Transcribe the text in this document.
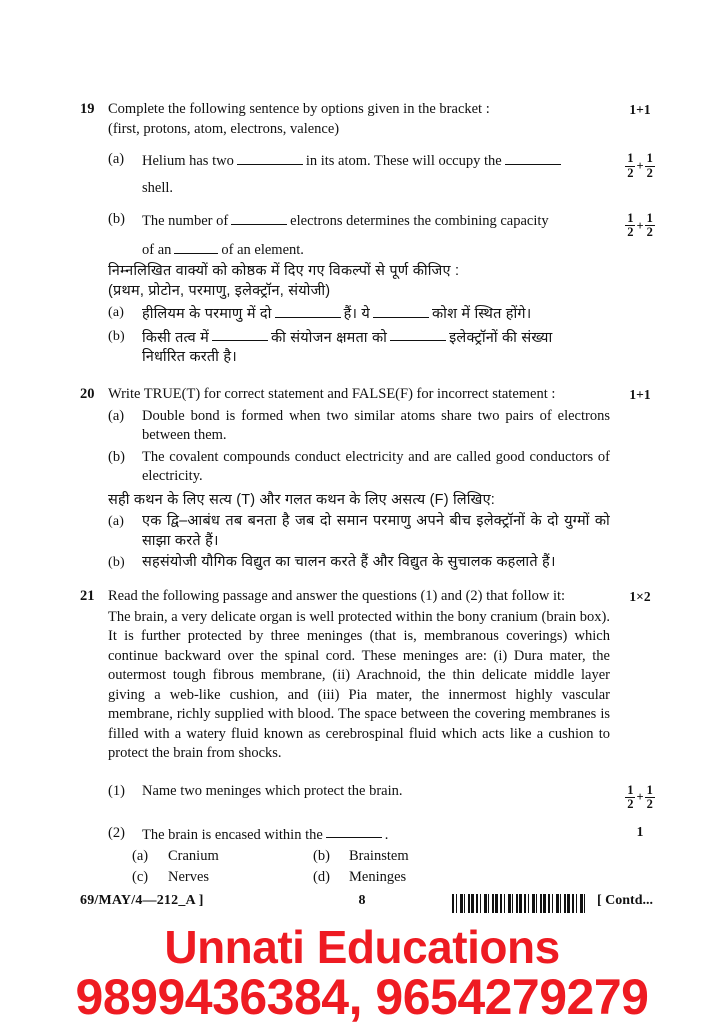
19 Complete the following sentence by options given in the bracket :
(first, protons, atom, electrons, valence)
1+1
(a)	Helium has two	in its atom. These will occupy the
shell.
$\frac{1}{2} + \frac{1}{2}$
(b)	The number of	electrons determines the combining capacity
of an	of an element.
$\frac{1}{2} + \frac{1}{2}$
निम्नलिखित वाक्यों को कोष्ठक में दिए गए विकल्पों से पूर्ण कीजिए :
(प्रथम, प्रोटोन, परमाणु, इलेक्ट्रॉन, संयोजी)
(a)	हीलियम के परमाणु में दो	हैं। ये	कोश में स्थित होंगे।
(b)	किसी तत्व में	की संयोजन क्षमता को	इलेक्ट्रॉनों की संख्या
निर्धारित करती है।
20 Write TRUE(T) for correct statement and FALSE(F) for incorrect statement :
(a)	Double bond is formed when two similar atoms share two pairs of electrons between them.
(b)	The covalent compounds conduct electricity and are called good conductors of electricity.
1+1
सही कथन के लिए सत्य (T) और गलत कथन के लिए असत्य (F) लिखिए:
(a)	एक द्वि–आबंध तब बनता है जब दो समान परमाणु अपने बीच इलेक्ट्रॉनों के दो युग्मों को साझा करते हैं।
(b)	सहसंयोजी यौगिक विद्युत का चालन करते हैं और विद्युत के सुचालक कहलाते हैं।
21 Read the following passage and answer the questions (1) and (2) that follow it:
The brain, a very delicate organ is well protected within the bony cranium (brain box). It is further protected by three meninges (that is, membranous coverings) which continue backward over the spinal cord. These meninges are: (i) Dura mater, the outermost tough fibrous membrane, (ii) Arachnoid, the thin delicate middle layer giving a web-like cushion, and (iii) Pia mater, the innermost highly vascular membrane, richly supplied with blood. The space between the covering membranes is filled with a watery fluid known as cerebrospinal fluid which acts like a cushion to protect the brain from shocks.
1×2
(1)	Name two meninges which protect the brain.	$\frac{1}{2} + \frac{1}{2}$
(2)	The brain is encased within the	.
(a)	Cranium	(b)	Brainstem
(c)	Nerves	(d)	Meninges
1
69/MAY/4—212_A ]	8	[ Contd...
Unnati Educations
9899436384, 9654279279
